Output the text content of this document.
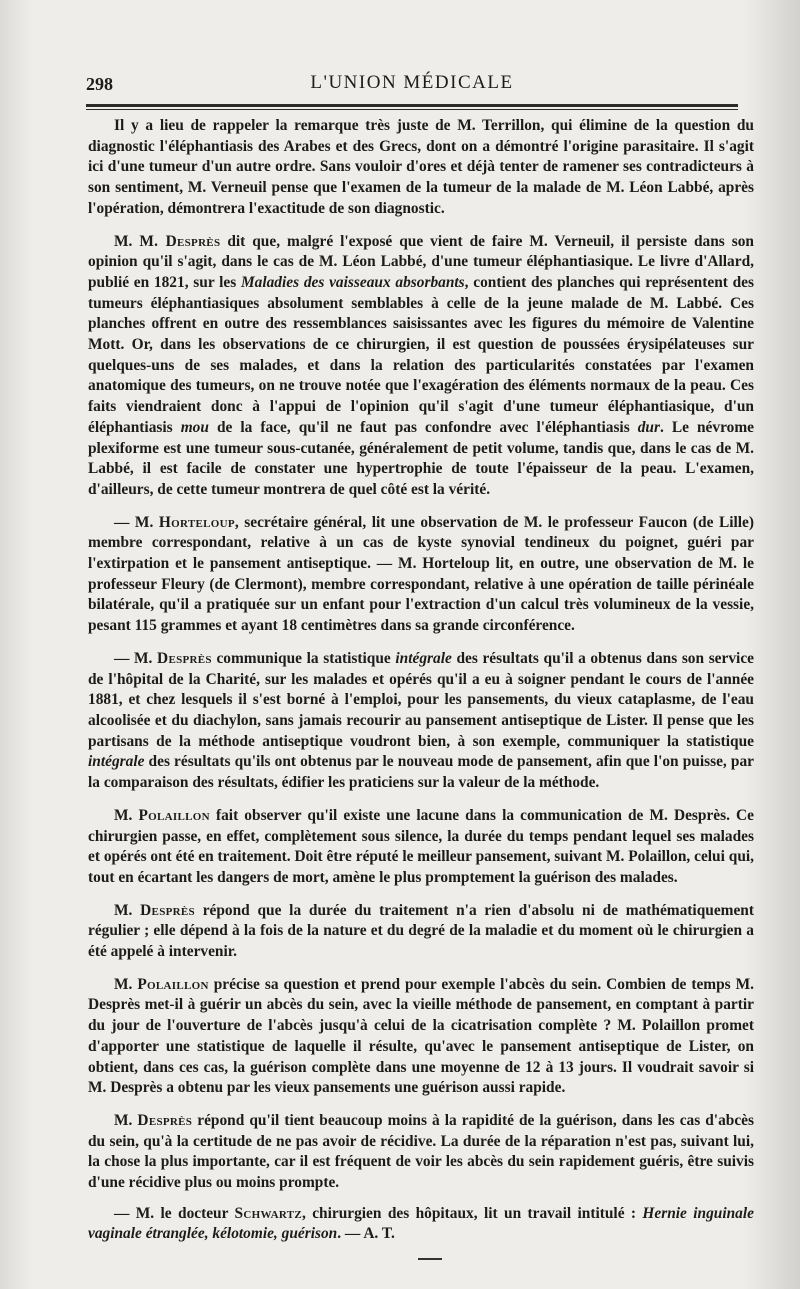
298	L'UNION MÉDICALE

Il y a lieu de rappeler la remarque très juste de M. Terrillon, qui élimine de la question du diagnostic l'éléphantiasis des Arabes et des Grecs, dont on a démontré l'origine parasitaire. Il s'agit ici d'une tumeur d'un autre ordre. Sans vouloir d'ores et déjà tenter de ramener ses contradicteurs à son sentiment, M. Verneuil pense que l'examen de la tumeur de la malade de M. Léon Labbé, après l'opération, démontrera l'exactitude de son diagnostic.

M. M. Desprès dit que, malgré l'exposé que vient de faire M. Verneuil, il persiste dans son opinion qu'il s'agit, dans le cas de M. Léon Labbé, d'une tumeur éléphantiasique. Le livre d'Allard, publié en 1821, sur les Maladies des vaisseaux absorbants, contient des planches qui représentent des tumeurs éléphantiasiques absolument semblables à celle de la jeune malade de M. Labbé. Ces planches offrent en outre des ressemblances saisissantes avec les figures du mémoire de Valentine Mott. Or, dans les observations de ce chirurgien, il est question de poussées érysipélateuses sur quelques-uns de ses malades, et dans la relation des particularités constatées par l'examen anatomique des tumeurs, on ne trouve notée que l'exagération des éléments normaux de la peau. Ces faits viendraient donc à l'appui de l'opinion qu'il s'agit d'une tumeur éléphantiasique, d'un éléphantiasis mou de la face, qu'il ne faut pas confondre avec l'éléphantiasis dur. Le névrome plexiforme est une tumeur sous-cutanée, généralement de petit volume, tandis que, dans le cas de M. Labbé, il est facile de constater une hypertrophie de toute l'épaisseur de la peau. L'examen, d'ailleurs, de cette tumeur montrera de quel côté est la vérité.

— M. Horteloup, secrétaire général, lit une observation de M. le professeur Faucon (de Lille) membre correspondant, relative à un cas de kyste synovial tendineux du poignet, guéri par l'extirpation et le pansement antiseptique. — M. Horteloup lit, en outre, une observation de M. le professeur Fleury (de Clermont), membre correspondant, relative à une opération de taille périnéale bilatérale, qu'il a pratiquée sur un enfant pour l'extraction d'un calcul très volumineux de la vessie, pesant 115 grammes et ayant 18 centimètres dans sa grande circonférence.

— M. Desprès communique la statistique intégrale des résultats qu'il a obtenus dans son service de l'hôpital de la Charité, sur les malades et opérés qu'il a eu à soigner pendant le cours de l'année 1881, et chez lesquels il s'est borné à l'emploi, pour les pansements, du vieux cataplasme, de l'eau alcoolisée et du diachylon, sans jamais recourir au pansement antiseptique de Lister. Il pense que les partisans de la méthode antiseptique voudront bien, à son exemple, communiquer la statistique intégrale des résultats qu'ils ont obtenus par le nouveau mode de pansement, afin que l'on puisse, par la comparaison des résultats, édifier les praticiens sur la valeur de la méthode.

M. Polaillon fait observer qu'il existe une lacune dans la communication de M. Desprès. Ce chirurgien passe, en effet, complètement sous silence, la durée du temps pendant lequel ses malades et opérés ont été en traitement. Doit être réputé le meilleur pansement, suivant M. Polaillon, celui qui, tout en écartant les dangers de mort, amène le plus promptement la guérison des malades.

M. Desprès répond que la durée du traitement n'a rien d'absolu ni de mathématiquement régulier ; elle dépend à la fois de la nature et du degré de la maladie et du moment où le chirurgien a été appelé à intervenir.

M. Polaillon précise sa question et prend pour exemple l'abcès du sein. Combien de temps M. Desprès met-il à guérir un abcès du sein, avec la vieille méthode de pansement, en comptant à partir du jour de l'ouverture de l'abcès jusqu'à celui de la cicatrisation complète ? M. Polaillon promet d'apporter une statistique de laquelle il résulte, qu'avec le pansement antiseptique de Lister, on obtient, dans ces cas, la guérison complète dans une moyenne de 12 à 13 jours. Il voudrait savoir si M. Desprès a obtenu par les vieux pansements une guérison aussi rapide.

M. Desprès répond qu'il tient beaucoup moins à la rapidité de la guérison, dans les cas d'abcès du sein, qu'à la certitude de ne pas avoir de récidive. La durée de la réparation n'est pas, suivant lui, la chose la plus importante, car il est fréquent de voir les abcès du sein rapidement guéris, être suivis d'une récidive plus ou moins prompte.

— M. le docteur Schwartz, chirurgien des hôpitaux, lit un travail intitulé : Hernie inguinale vaginale étranglée, kélotomie, guérison. — A. T.
